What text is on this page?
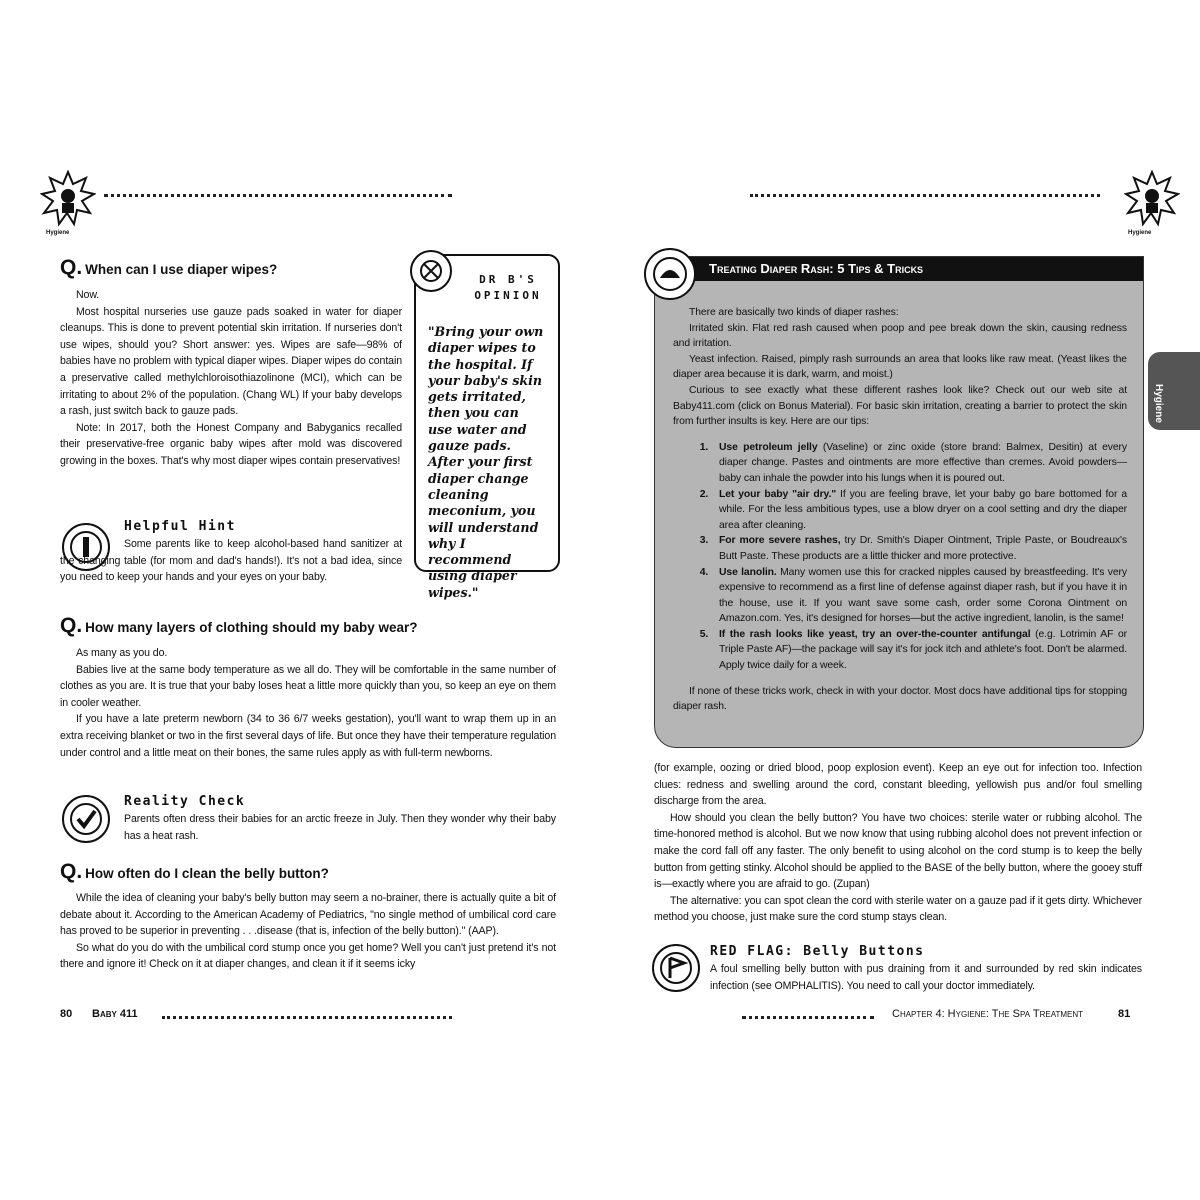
Hygiene
Q. When can I use diaper wipes?

Now.

Most hospital nurseries use gauze pads soaked in water for diaper cleanups. This is done to prevent potential skin irritation. If nurseries don't use wipes, should you? Short answer: yes. Wipes are safe—98% of babies have no problem with typical diaper wipes. Diaper wipes do contain a preservative called methylchloroisothiazolinone (MCI), which can be irritating to about 2% of the population. (Chang WL) If your baby develops a rash, just switch back to gauze pads.

Note: In 2017, both the Honest Company and Babyganics recalled their preservative-free organic baby wipes after mold was discovered growing in the boxes. That's why most diaper wipes contain preservatives!

DR B'S
OPINION
"Bring your own diaper wipes to the hospital. If your baby's skin gets irritated, then you can use water and gauze pads. After your first diaper change cleaning meconium, you will understand why I recommend using diaper wipes."
Helpful Hint

Some parents like to keep alcohol-based hand sanitizer at the changing table (for mom and dad's hands!). It's not a bad idea, since you need to keep your hands and your eyes on your baby.

Q. How many layers of clothing should my baby wear?

As many as you do.

Babies live at the same body temperature as we all do. They will be comfortable in the same number of clothes as you are. It is true that your baby loses heat a little more quickly than you, so keep an eye on them in cooler weather.

If you have a late preterm newborn (34 to 36 6/7 weeks gestation), you'll want to wrap them up in an extra receiving blanket or two in the first several days of life. But once they have their temperature regulation under control and a little meat on their bones, the same rules apply as with full-term newborns.

Reality Check

Parents often dress their babies for an arctic freeze in July. Then they wonder why their baby has a heat rash.

Q. How often do I clean the belly button?

While the idea of cleaning your baby's belly button may seem a no-brainer, there is actually quite a bit of debate about it. According to the American Academy of Pediatrics, "no single method of umbilical cord care has proved to be superior in preventing . . .disease (that is, infection of the belly button)." (AAP).

So what do you do with the umbilical cord stump once you get home? Well you can't just pretend it's not there and ignore it! Check on it at diaper changes, and clean it if it seems icky

80 Baby 411
Hygiene
Hygiene
Treating Diaper Rash: 5 Tips & Tricks

There are basically two kinds of diaper rashes:

Irritated skin. Flat red rash caused when poop and pee break down the skin, causing redness and irritation.

Yeast infection. Raised, pimply rash surrounds an area that looks like raw meat. (Yeast likes the diaper area because it is dark, warm, and moist.)

Curious to see exactly what these different rashes look like? Check out our web site at Baby411.com (click on Bonus Material). For basic skin irritation, creating a barrier to protect the skin from further insults is key. Here are our tips:

1. Use petroleum jelly (Vaseline) or zinc oxide (store brand: Balmex, Desitin) at every diaper change. Pastes and ointments are more effective than cremes. Avoid powders—baby can inhale the powder into his lungs when it is poured out.
2. Let your baby "air dry." If you are feeling brave, let your baby go bare bottomed for a while. For the less ambitious types, use a blow dryer on a cool setting and dry the diaper area after cleaning.
3. For more severe rashes, try Dr. Smith's Diaper Ointment, Triple Paste, or Boudreaux's Butt Paste. These products are a little thicker and more protective.
4. Use lanolin. Many women use this for cracked nipples caused by breastfeeding. It's very expensive to recommend as a first line of defense against diaper rash, but if you have it in the house, use it. If you want save some cash, order some Corona Ointment on Amazon.com. Yes, it's designed for horses—but the active ingredient, lanolin, is the same!
5. If the rash looks like yeast, try an over-the-counter antifungal (e.g. Lotrimin AF or Triple Paste AF)—the package will say it's for jock itch and athlete's foot. Don't be alarmed. Apply twice daily for a week.

If none of these tricks work, check in with your doctor. Most docs have additional tips for stopping diaper rash.

(for example, oozing or dried blood, poop explosion event). Keep an eye out for infection too. Infection clues: redness and swelling around the cord, constant bleeding, yellowish pus and/or foul smelling discharge from the area.

How should you clean the belly button? You have two choices: sterile water or rubbing alcohol. The time-honored method is alcohol. But we now know that using rubbing alcohol does not prevent infection or make the cord fall off any faster. The only benefit to using alcohol on the cord stump is to keep the belly button from getting stinky. Alcohol should be applied to the BASE of the belly button, where the gooey stuff is—exactly where you are afraid to go. (Zupan)

The alternative: you can spot clean the cord with sterile water on a gauze pad if it gets dirty. Whichever method you choose, just make sure the cord stump stays clean.

RED FLAG: Belly Buttons

A foul smelling belly button with pus draining from it and surrounded by red skin indicates infection (see OMPHALITIS). You need to call your doctor immediately.

Chapter 4: Hygiene: The Spa Treatment	81
